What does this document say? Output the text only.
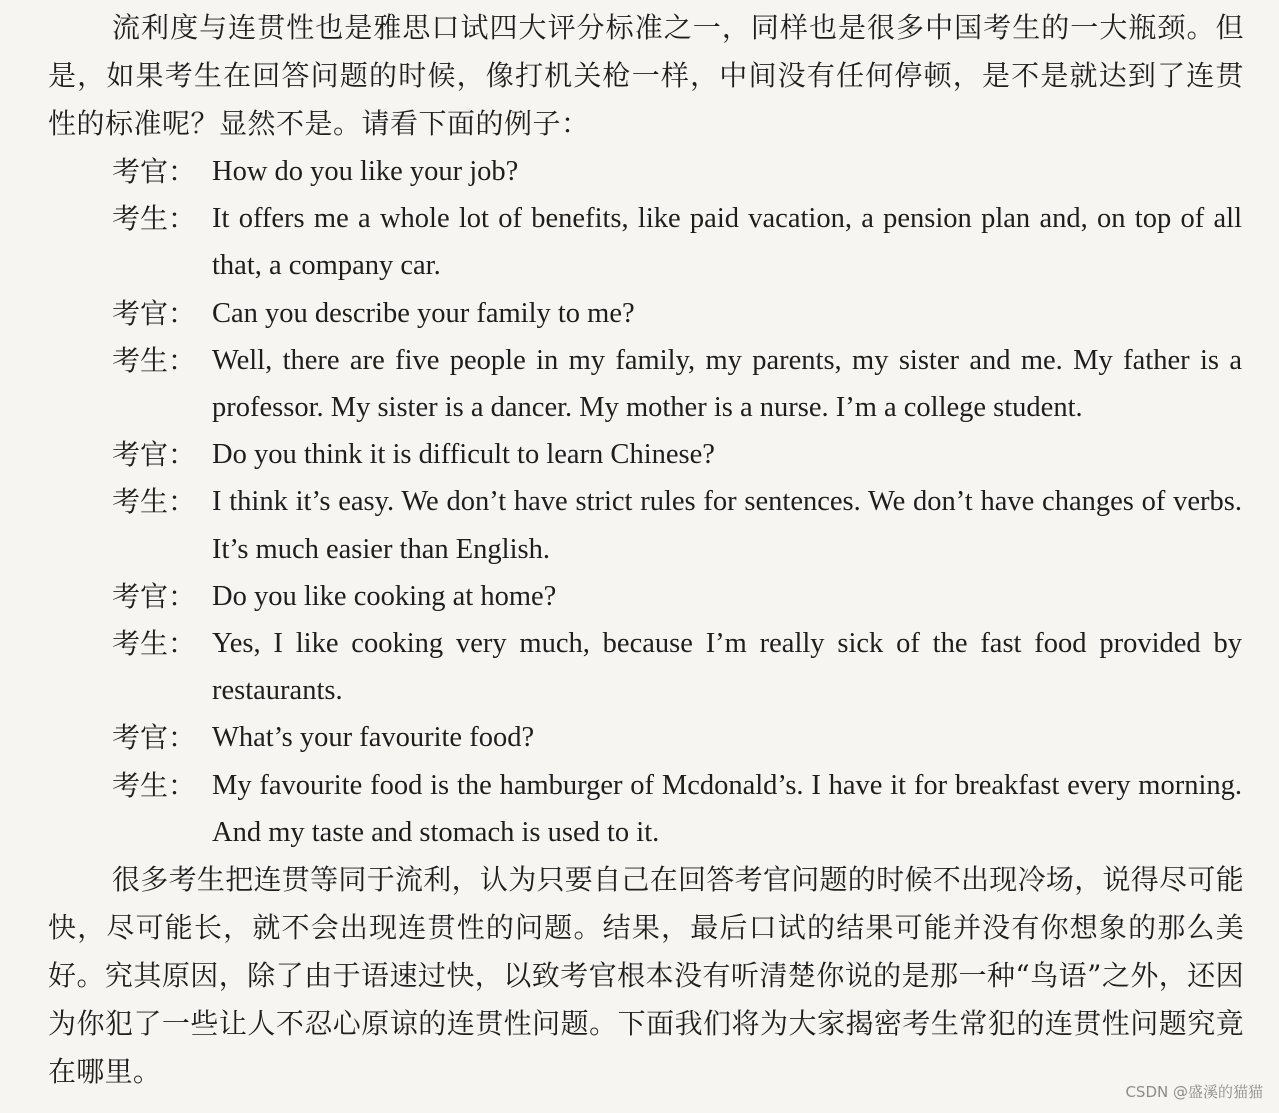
流利度与连贯性也是雅思口试四大评分标准之一，同样也是很多中国考生的一大瓶颈。但是，如果考生在回答问题的时候，像打机关枪一样，中间没有任何停顿，是不是就达到了连贯性的标准呢？显然不是。请看下面的例子：

考官： How do you like your job?
考生： It offers me a whole lot of benefits, like paid vacation, a pension plan and, on top of all that, a company car.
考官： Can you describe your family to me?
考生： Well, there are five people in my family, my parents, my sister and me. My father is a professor. My sister is a dancer. My mother is a nurse. I’m a college student.
考官： Do you think it is difficult to learn Chinese?
考生： I think it’s easy. We don’t have strict rules for sentences. We don’t have changes of verbs. It’s much easier than English.
考官： Do you like cooking at home?
考生： Yes, I like cooking very much, because I’m really sick of the fast food provided by restaurants.
考官： What’s your favourite food?
考生： My favourite food is the hamburger of Mcdonald’s. I have it for breakfast every morning. And my taste and stomach is used to it.

很多考生把连贯等同于流利，认为只要自己在回答考官问题的时候不出现冷场，说得尽可能快，尽可能长，就不会出现连贯性的问题。结果，最后口试的结果可能并没有你想象的那么美好。究其原因，除了由于语速过快，以致考官根本没有听清楚你说的是那一种“鸟语”之外，还因为你犯了一些让人不忍心原谅的连贯性问题。下面我们将为大家揭密考生常犯的连贯性问题究竟在哪里。

CSDN @盛溪的猫猫
